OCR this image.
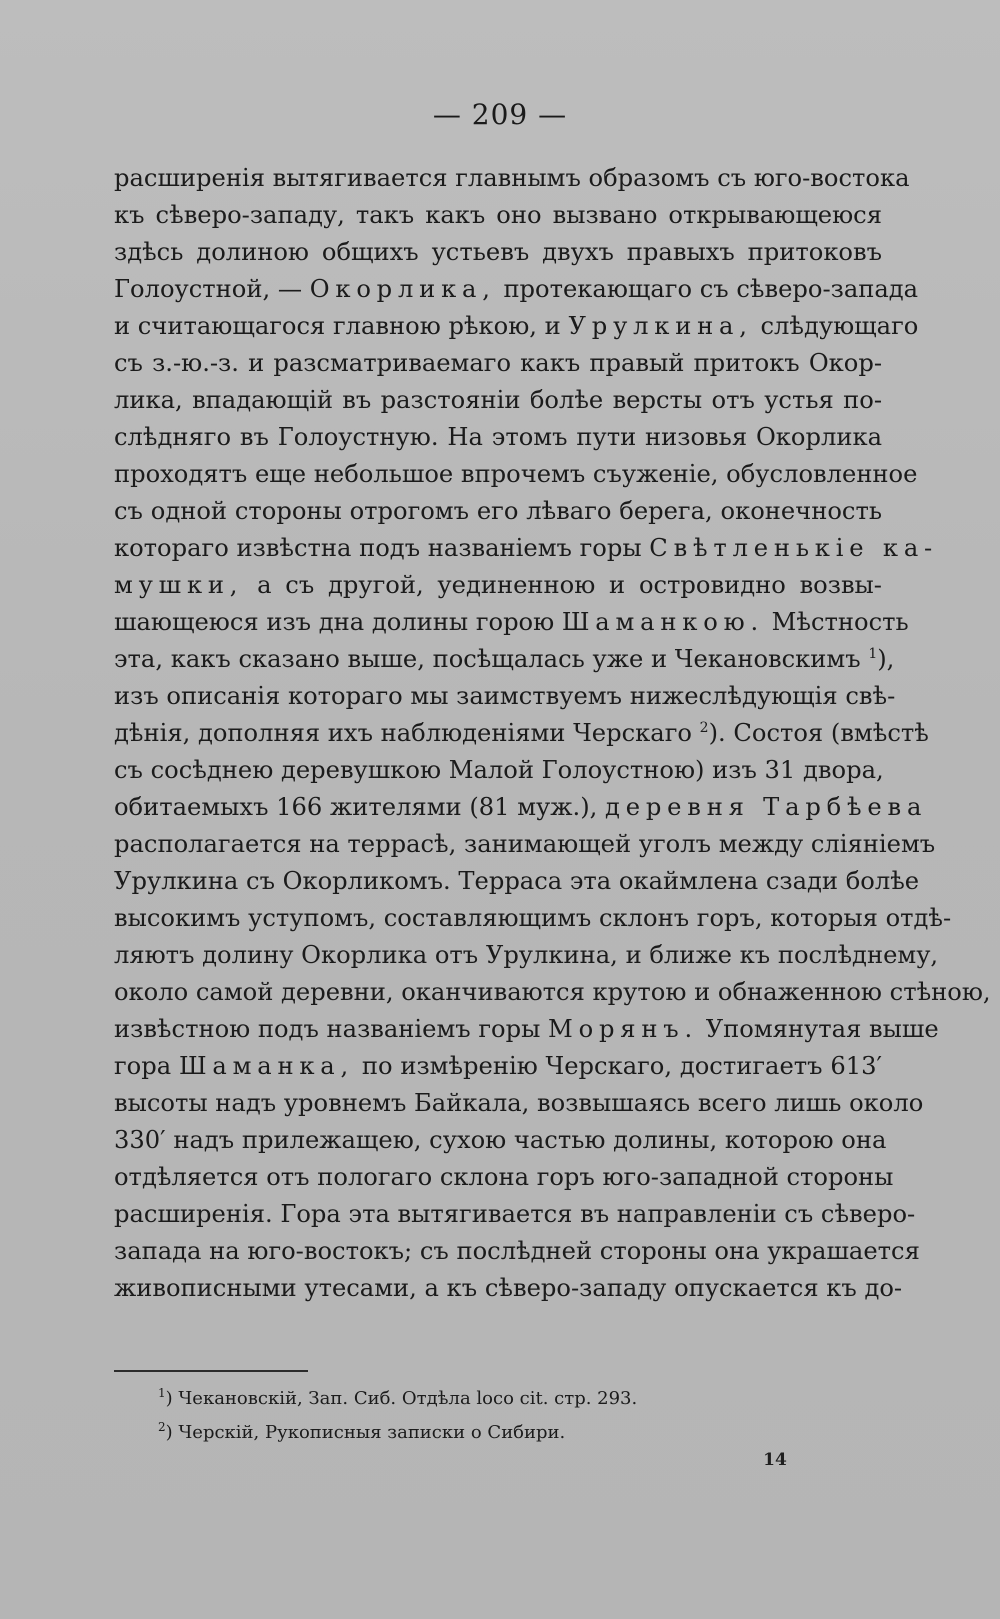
— 209 —
расширенія вытягивается главнымъ образомъ съ юго-востока
къ сѣверо-западу, такъ какъ оно вызвано открывающеюся
здѣсь долиною общихъ устьевъ двухъ правыхъ притоковъ
Голоустной, — Окорлика, протекающаго съ сѣверо-запада
и считающагося главною рѣкою, и Урулкина, слѣдующаго
съ з.-ю.-з. и разсматриваемаго какъ правый притокъ Окор-
лика, впадающій въ разстояніи болѣе версты отъ устья по-
слѣдняго въ Голоустную. На этомъ пути низовья Окорлика
проходятъ еще небольшое впрочемъ съуженіе, обусловленное
съ одной стороны отрогомъ его лѣваго берега, оконечность
котораго извѣстна подъ названіемъ горы Свѣтленькіе ка-
мушки, а съ другой, уединенною и островидно возвы-
шающеюся изъ дна долины горою Шаманкою. Мѣстность
эта, какъ сказано выше, посѣщалась уже и Чекановскимъ $^1$),
изъ описанія котораго мы заимствуемъ нижеслѣдующія свѣ-
дѣнія, дополняя ихъ наблюденіями Черскаго $^2$). Состоя (вмѣстѣ
съ сосѣднею деревушкою Малой Голоустною) изъ 31 двора,
обитаемыхъ 166 жителями (81 муж.), деревня Тарбѣева
располагается на террасѣ, занимающей уголъ между сліяніемъ
Урулкина съ Окорликомъ. Терраса эта окаймлена сзади болѣе
высокимъ уступомъ, составляющимъ склонъ горъ, которыя отдѣ-
ляютъ долину Окорлика отъ Урулкина, и ближе къ послѣднему,
около самой деревни, оканчиваются крутою и обнаженною стѣною,
извѣстною подъ названіемъ горы Морянъ. Упомянутая выше
гора Шаманка, по измѣренію Черскаго, достигаетъ 613′
высоты надъ уровнемъ Байкала, возвышаясь всего лишь около
330′ надъ прилежащею, сухою частью долины, которою она
отдѣляется отъ пологаго склона горъ юго-западной стороны
расширенія. Гора эта вытягивается въ направленіи съ сѣверо-
запада на юго-востокъ; съ послѣдней стороны она украшается
живописными утесами, а къ сѣверо-западу опускается къ до-
$^1$) Чекановскій, Зап. Сиб. Отдѣла loco cit. стр. 293.
$^2$) Черскій, Рукописныя записки о Сибири.
14
